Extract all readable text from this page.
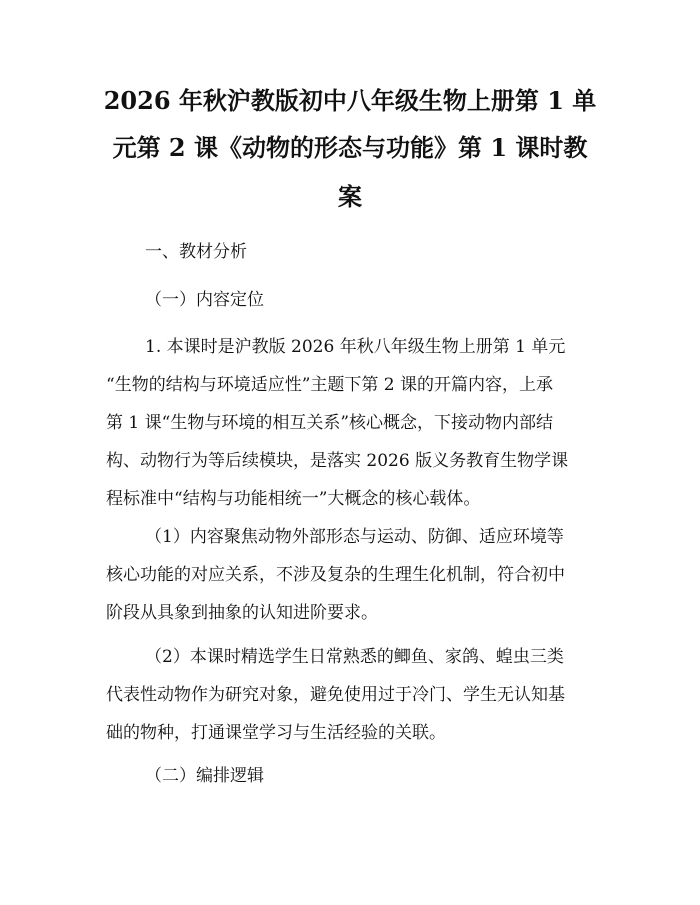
2026 年秋沪教版初中八年级生物上册第 1 单
元第 2 课《动物的形态与功能》第 1 课时教
案
一、教材分析
（一）内容定位
1. 本课时是沪教版 2026 年秋八年级生物上册第 1 单元
“生物的结构与环境适应性”主题下第 2 课的开篇内容，上承
第 1 课“生物与环境的相互关系”核心概念，下接动物内部结
构、动物行为等后续模块，是落实 2026 版义务教育生物学课
程标准中“结构与功能相统一”大概念的核心载体。
（1）内容聚焦动物外部形态与运动、防御、适应环境等
核心功能的对应关系，不涉及复杂的生理生化机制，符合初中
阶段从具象到抽象的认知进阶要求。
（2）本课时精选学生日常熟悉的鲫鱼、家鸽、蝗虫三类
代表性动物作为研究对象，避免使用过于冷门、学生无认知基
础的物种，打通课堂学习与生活经验的关联。
（二）编排逻辑
